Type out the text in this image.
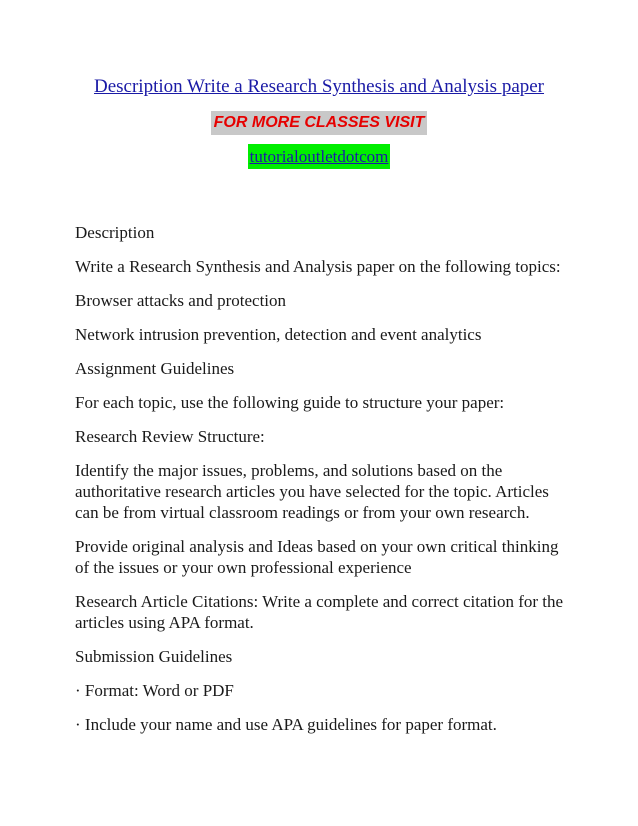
Description Write a Research Synthesis and Analysis paper
FOR MORE CLASSES VISIT
tutorialoutletdotcom

Description

Write a Research Synthesis and Analysis paper on the following topics:

Browser attacks and protection

Network intrusion prevention, detection and event analytics

Assignment Guidelines

For each topic, use the following guide to structure your paper:

Research Review Structure:

Identify the major issues, problems, and solutions based on the authoritative research articles you have selected for the topic. Articles can be from virtual classroom readings or from your own research.

Provide original analysis and Ideas based on your own critical thinking of the issues or your own professional experience

Research Article Citations: Write a complete and correct citation for the articles using APA format.

Submission Guidelines

· Format: Word or PDF

· Include your name and use APA guidelines for paper format.
